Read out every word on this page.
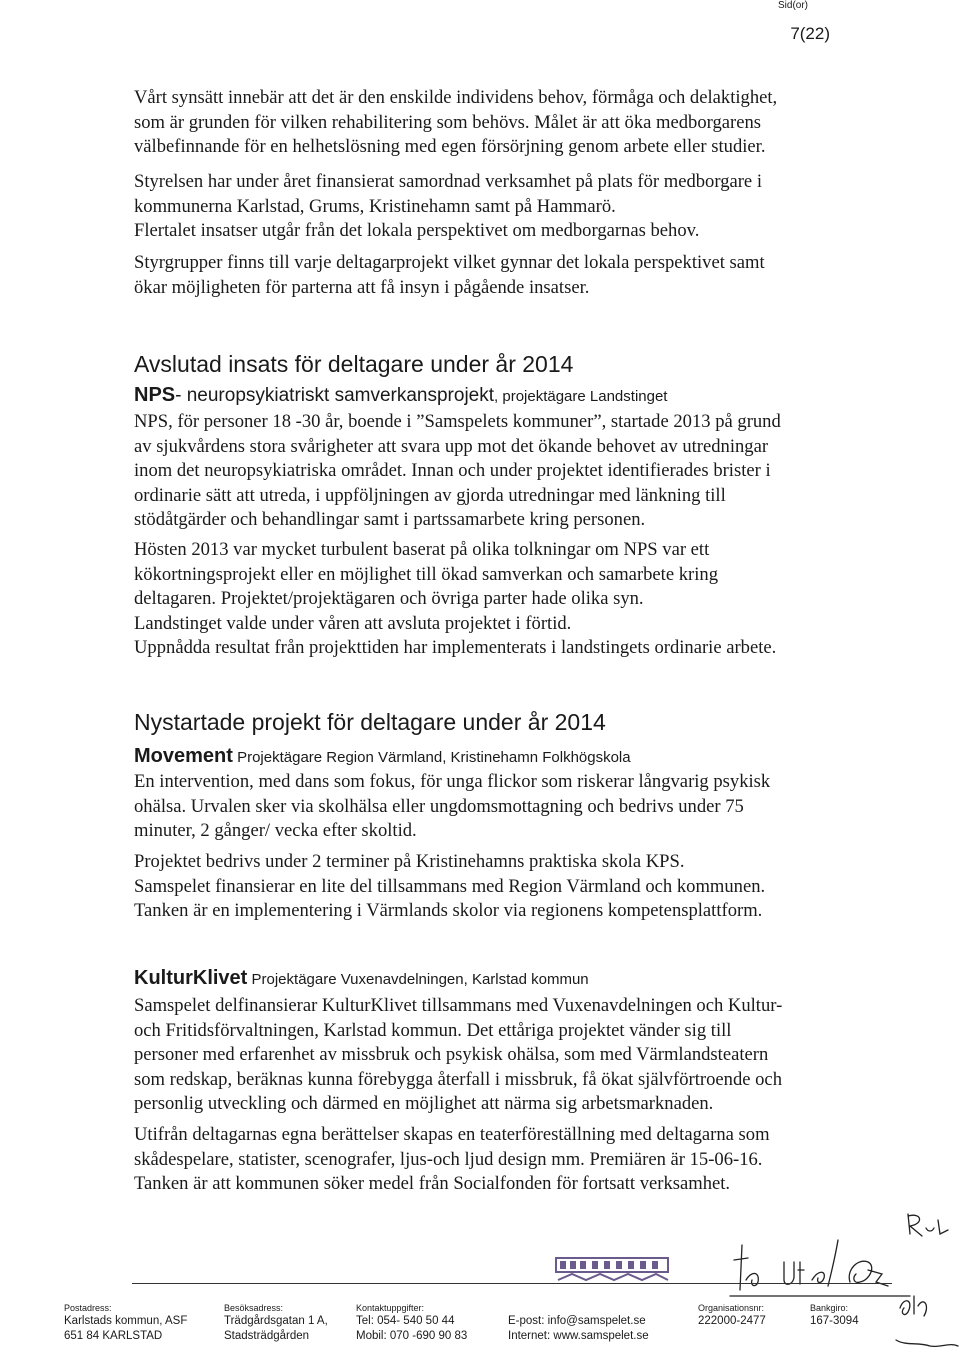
Sid(or)
7(22)
Vårt synsätt innebär att det är den enskilde individens behov, förmåga och delaktighet,
som är grunden för vilken rehabilitering som behövs. Målet är att öka medborgarens
välbefinnande för en helhetslösning med egen försörjning genom arbete eller studier.
Styrelsen har under året finansierat samordnad verksamhet på plats för medborgare i
kommunerna Karlstad, Grums, Kristinehamn samt på Hammarö.
Flertalet insatser utgår från det lokala perspektivet om medborgarnas behov.
Styrgrupper finns till varje deltagarprojekt vilket gynnar det lokala perspektivet samt
ökar möjligheten för parterna att få insyn i pågående insatser.
Avslutad insats för deltagare under år 2014
NPS- neuropsykiatriskt samverkansprojekt, projektägare Landstinget
NPS, för personer 18 -30 år, boende i ”Samspelets kommuner”, startade 2013 på grund
av sjukvårdens stora svårigheter att svara upp mot det ökande behovet av utredningar
inom det neuropsykiatriska området. Innan och under projektet identifierades brister i
ordinarie sätt att utreda, i uppföljningen av gjorda utredningar med länkning till
stödåtgärder och behandlingar samt i partssamarbete kring personen.
Hösten 2013 var mycket turbulent baserat på olika tolkningar om NPS var ett
kökortningsprojekt eller en möjlighet till ökad samverkan och samarbete kring
deltagaren. Projektet/projektägaren och övriga parter hade olika syn.
Landstinget valde under våren att avsluta projektet i förtid.
Uppnådda resultat från projekttiden har implementerats i landstingets ordinarie arbete.
Nystartade projekt för deltagare under år 2014
Movement Projektägare Region Värmland, Kristinehamn Folkhögskola
En intervention, med dans som fokus, för unga flickor som riskerar långvarig psykisk
ohälsa. Urvalen sker via skolhälsa eller ungdomsmottagning och bedrivs under 75
minuter, 2 gånger/ vecka efter skoltid.
Projektet bedrivs under 2 terminer på Kristinehamns praktiska skola KPS.
Samspelet finansierar en lite del tillsammans med Region Värmland och kommunen.
Tanken är en implementering i Värmlands skolor via regionens kompetensplattform.
KulturKlivet Projektägare Vuxenavdelningen, Karlstad kommun
Samspelet delfinansierar KulturKlivet tillsammans med Vuxenavdelningen och Kultur-
och Fritidsförvaltningen, Karlstad kommun. Det ettåriga projektet vänder sig till
personer med erfarenhet av missbruk och psykisk ohälsa, som med Värmlandsteatern
som redskap, beräknas kunna förebygga återfall i missbruk, få ökat självförtroende och
personlig utveckling och därmed en möjlighet att närma sig arbetsmarknaden.
Utifrån deltagarnas egna berättelser skapas en teaterföreställning med deltagarna som
skådespelare, statister, scenografer, ljus-och ljud design mm. Premiären är 15-06-16.
Tanken är att kommunen söker medel från Socialfonden för fortsatt verksamhet.
Postadress:
Karlstads kommun, ASF
651 84 KARLSTAD
Besöksadress:
Trädgårdsgatan 1 A,
Stadsträdgården
Kontaktuppgifter:
Tel: 054- 540 50 44
Mobil: 070 -690 90 83
E-post: info@samspelet.se
Internet: www.samspelet.se
Organisationsnr:
222000-2477
Bankgiro:
167-3094
